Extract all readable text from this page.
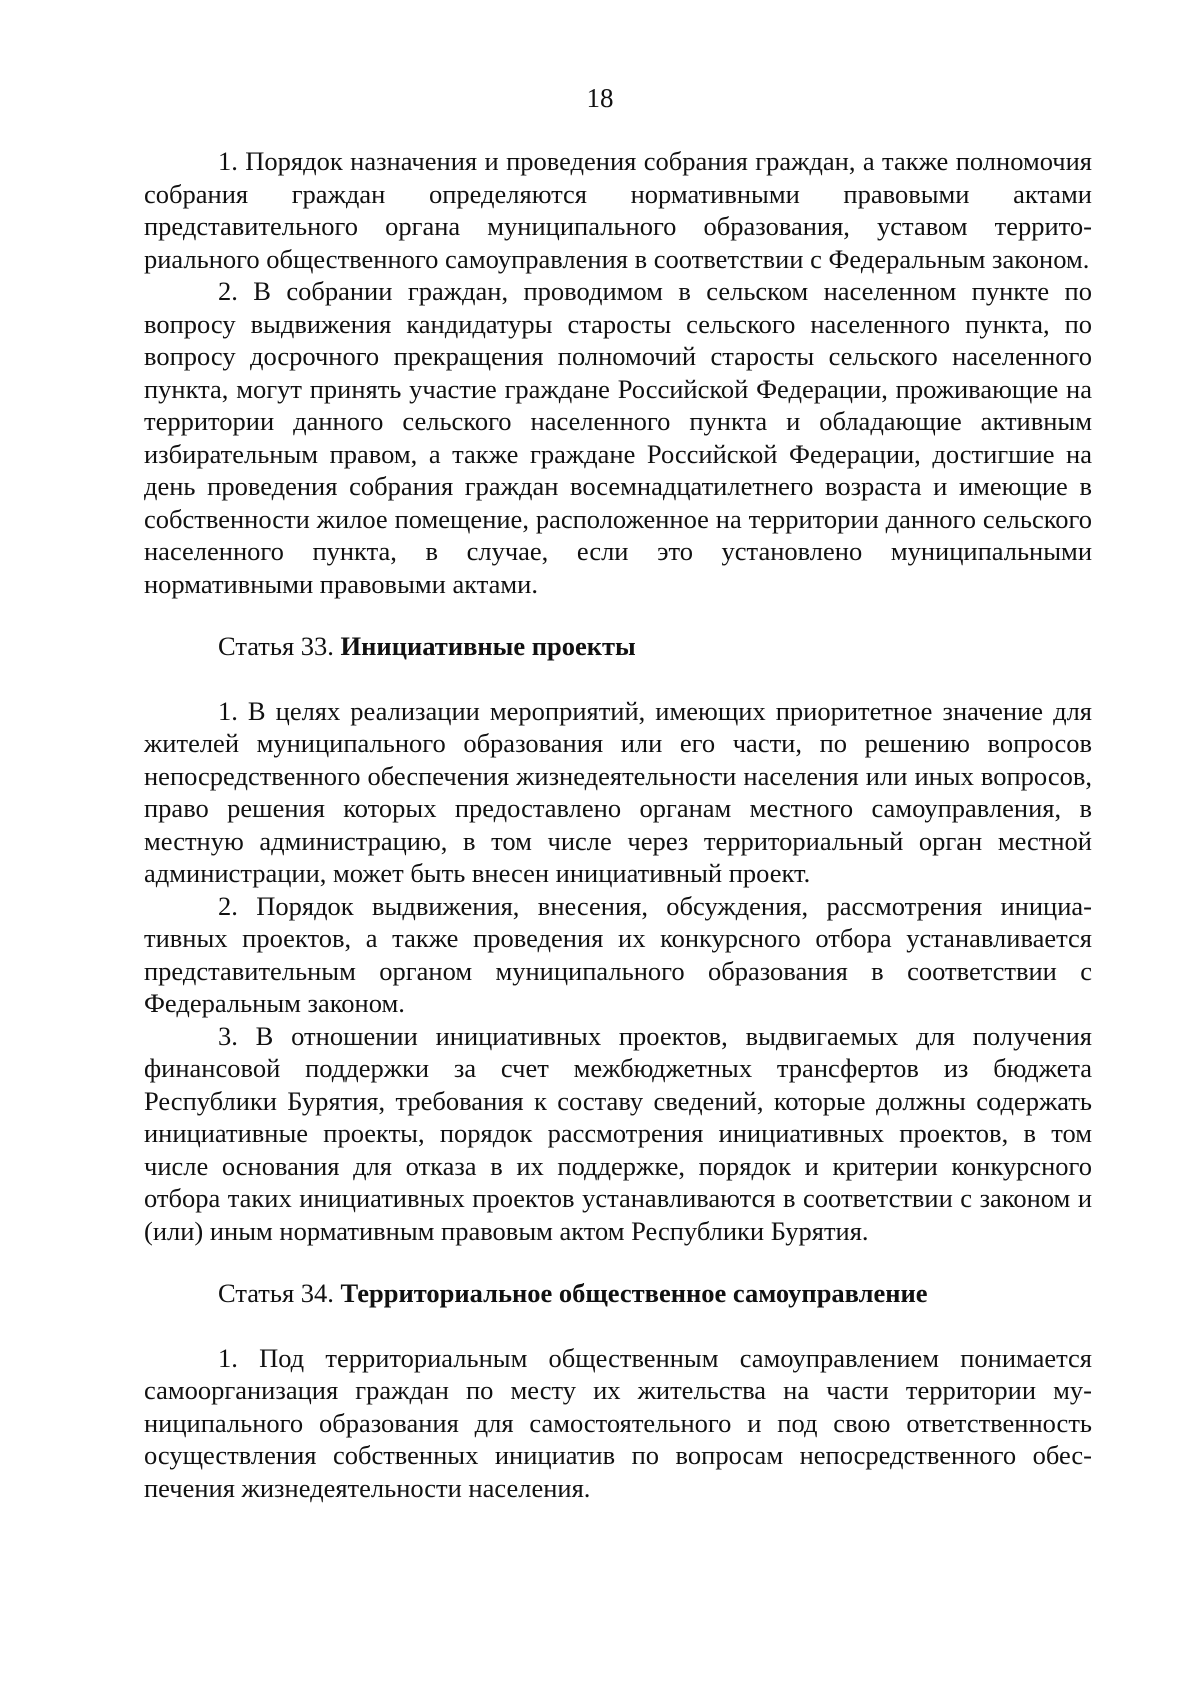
18

1. Порядок назначения и проведения собрания граждан, а также полномочия собрания граждан определяются нормативными правовыми актами представительного органа муниципального образования, уставом территориального общественного самоуправления в соответствии с Федеральным законом.

2. В собрании граждан, проводимом в сельском населенном пункте по вопросу выдвижения кандидатуры старосты сельского населенного пункта, по вопросу досрочного прекращения полномочий старосты сельского населенного пункта, могут принять участие граждане Российской Федерации, проживающие на территории данного сельского населенного пункта и обладающие активным избирательным правом, а также граждане Российской Федерации, достигшие на день проведения собрания граждан восемнадцатилетнего возраста и имеющие в собственности жилое помещение, расположенное на территории данного сельского населенного пункта, в случае, если это установлено муниципальными нормативными правовыми актами.

Статья 33. Инициативные проекты

1. В целях реализации мероприятий, имеющих приоритетное значение для жителей муниципального образования или его части, по решению вопросов непосредственного обеспечения жизнедеятельности населения или иных вопросов, право решения которых предоставлено органам местного самоуправления, в местную администрацию, в том числе через территориальный орган местной администрации, может быть внесен инициативный проект.

2. Порядок выдвижения, внесения, обсуждения, рассмотрения инициативных проектов, а также проведения их конкурсного отбора устанавливается представительным органом муниципального образования в соответствии с Федеральным законом.

3. В отношении инициативных проектов, выдвигаемых для получения финансовой поддержки за счет межбюджетных трансфертов из бюджета Республики Бурятия, требования к составу сведений, которые должны содержать инициативные проекты, порядок рассмотрения инициативных проектов, в том числе основания для отказа в их поддержке, порядок и критерии конкурсного отбора таких инициативных проектов устанавливаются в соответствии с законом и (или) иным нормативным правовым актом Республики Бурятия.

Статья 34. Территориальное общественное самоуправление

1. Под территориальным общественным самоуправлением понимается самоорганизация граждан по месту их жительства на части территории муниципального образования для самостоятельного и под свою ответственность осуществления собственных инициатив по вопросам непосредственного обеспечения жизнедеятельности населения.
